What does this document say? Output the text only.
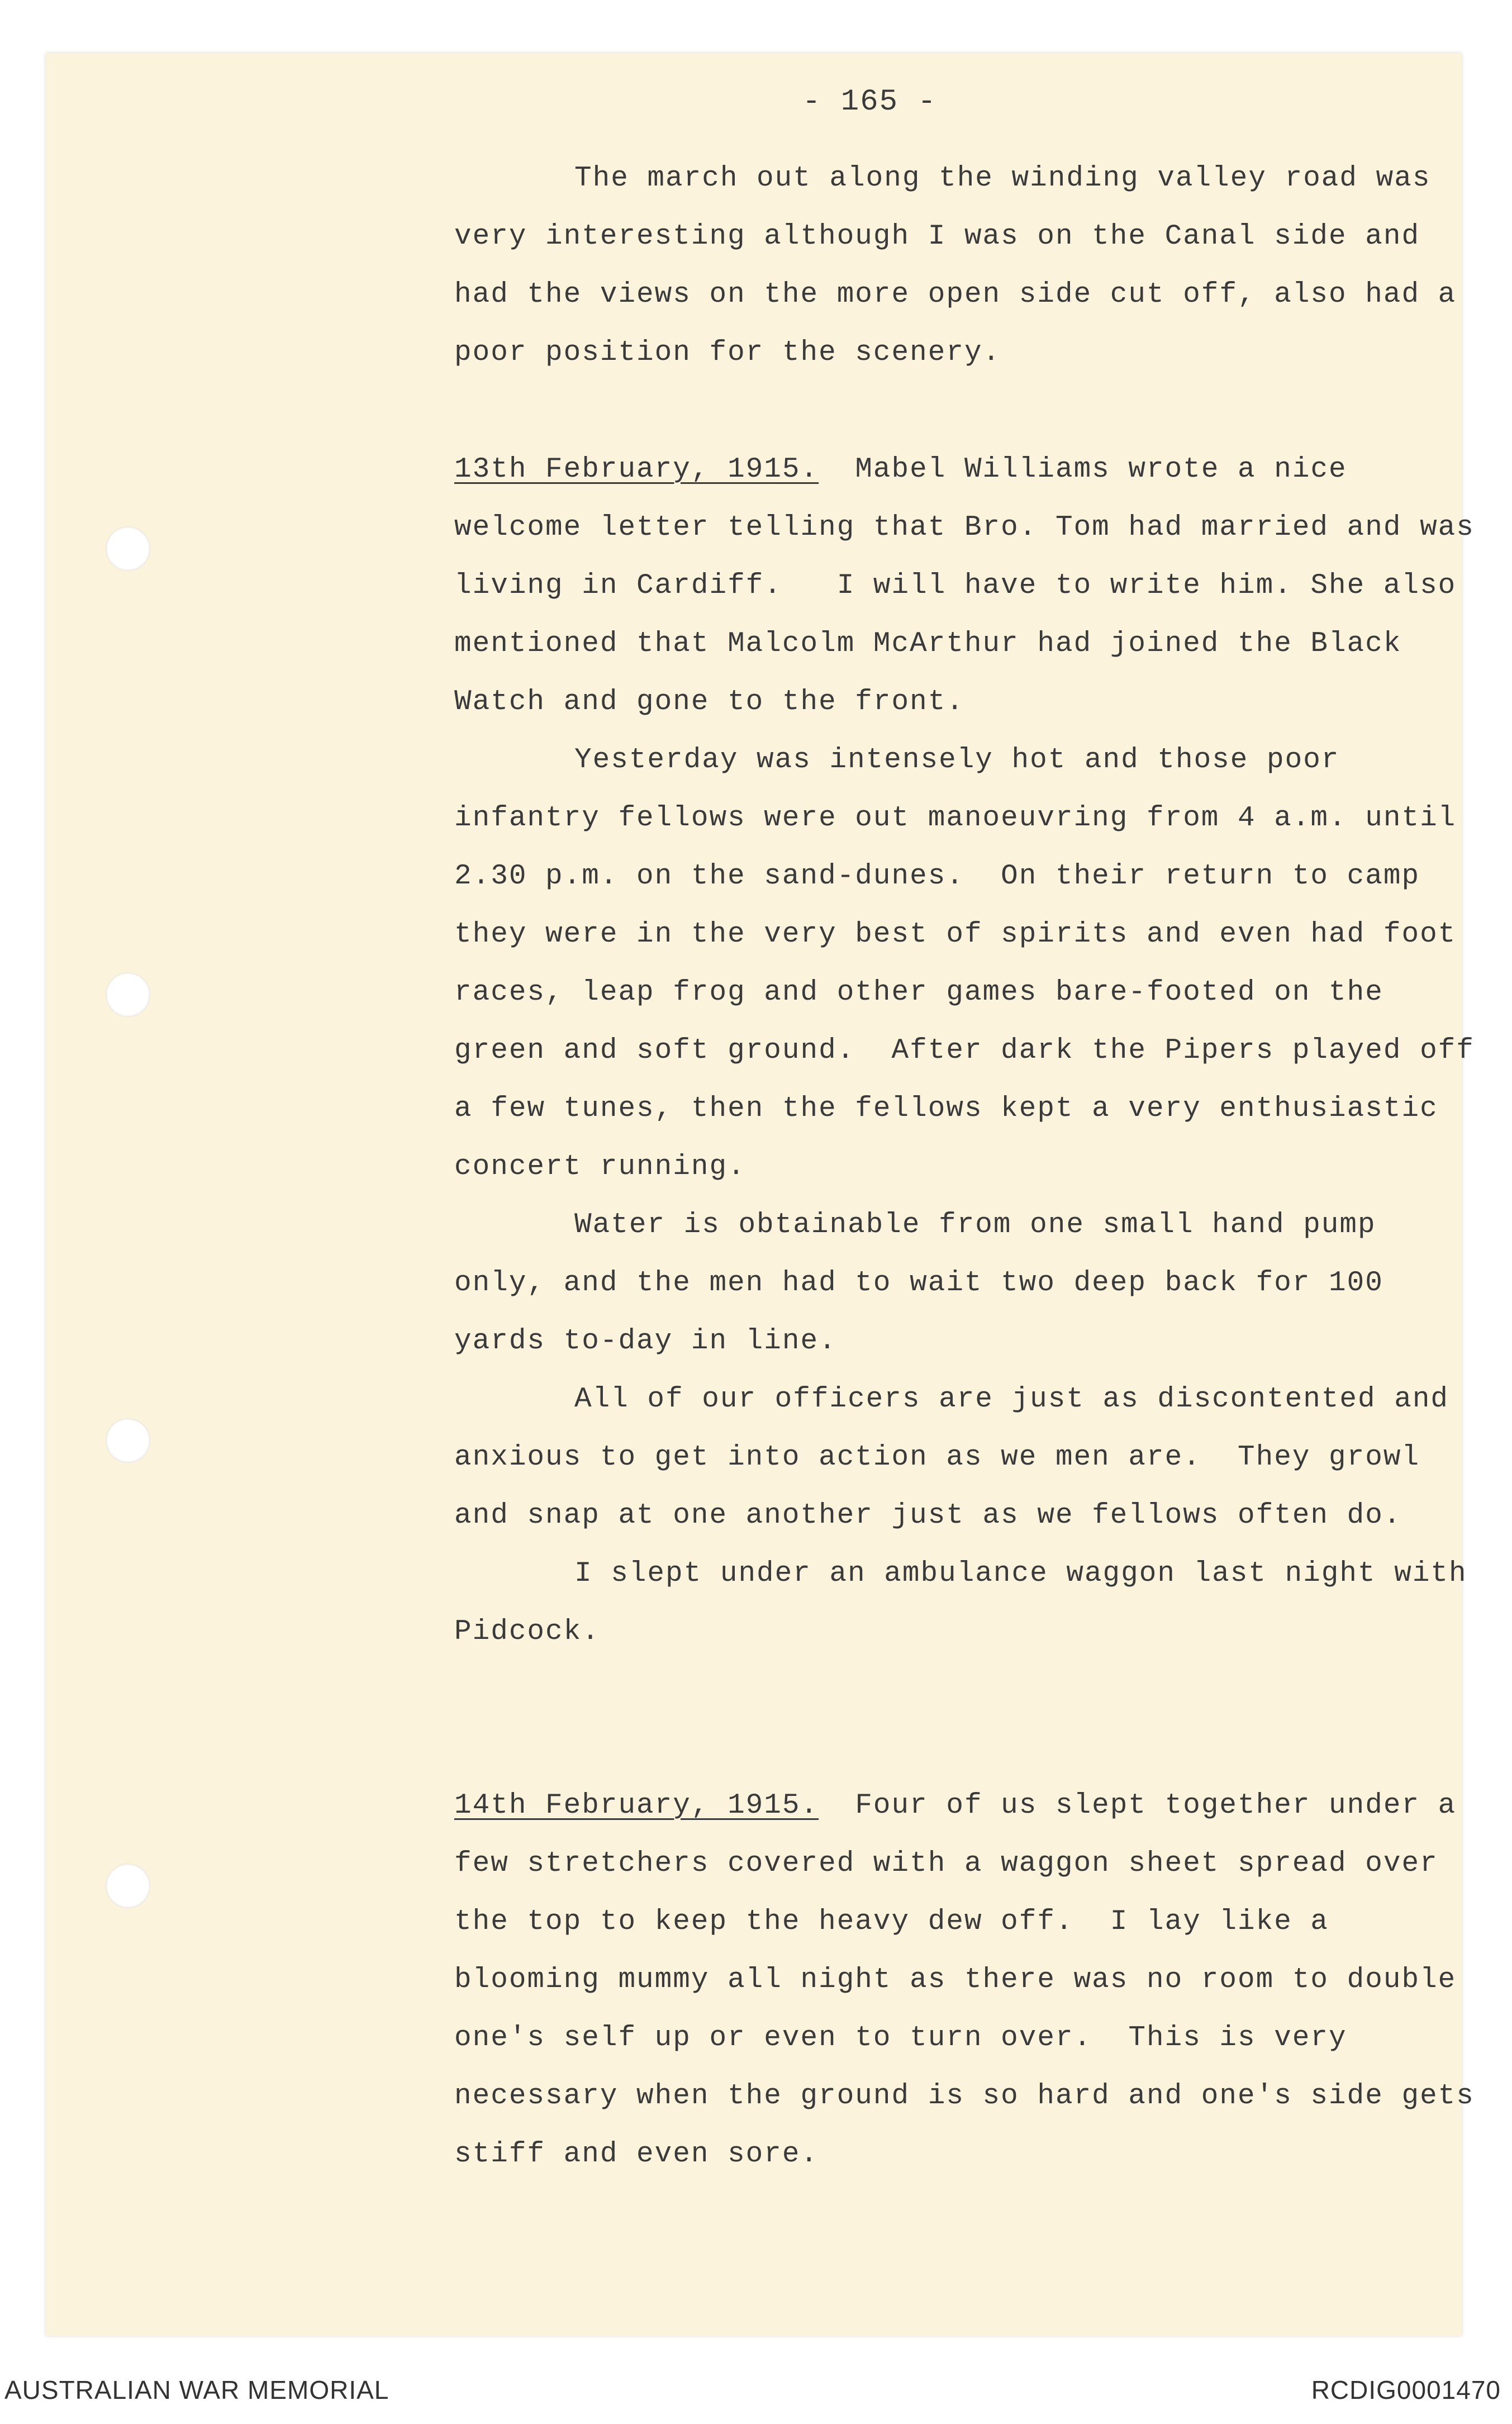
- 165 -

The march out along the winding valley road was very interesting although I was on the Canal side and had the views on the more open side cut off, also had a poor position for the scenery.

13th February, 1915.  Mabel Williams wrote a nice welcome letter telling that Bro. Tom had married and was living in Cardiff.   I will have to write him. She also mentioned that Malcolm McArthur had joined the Black Watch and gone to the front.

Yesterday was intensely hot and those poor infantry fellows were out manoeuvring from 4 a.m. until 2.30 p.m. on the sand-dunes.  On their return to camp they were in the very best of spirits and even had foot races, leap frog and other games bare-footed on the green and soft ground.  After dark the Pipers played off a few tunes, then the fellows kept a very enthusiastic concert running.

Water is obtainable from one small hand pump only, and the men had to wait two deep back for 100 yards to-day in line.

All of our officers are just as discontented and anxious to get into action as we men are.  They growl and snap at one another just as we fellows often do.

I slept under an ambulance waggon last night with Pidcock.

14th February, 1915.  Four of us slept together under a few stretchers covered with a waggon sheet spread over the top to keep the heavy dew off.  I lay like a blooming mummy all night as there was no room to double one's self up or even to turn over.  This is very necessary when the ground is so hard and one's side gets stiff and even sore.

AUSTRALIAN WAR MEMORIAL	RCDIG0001470
